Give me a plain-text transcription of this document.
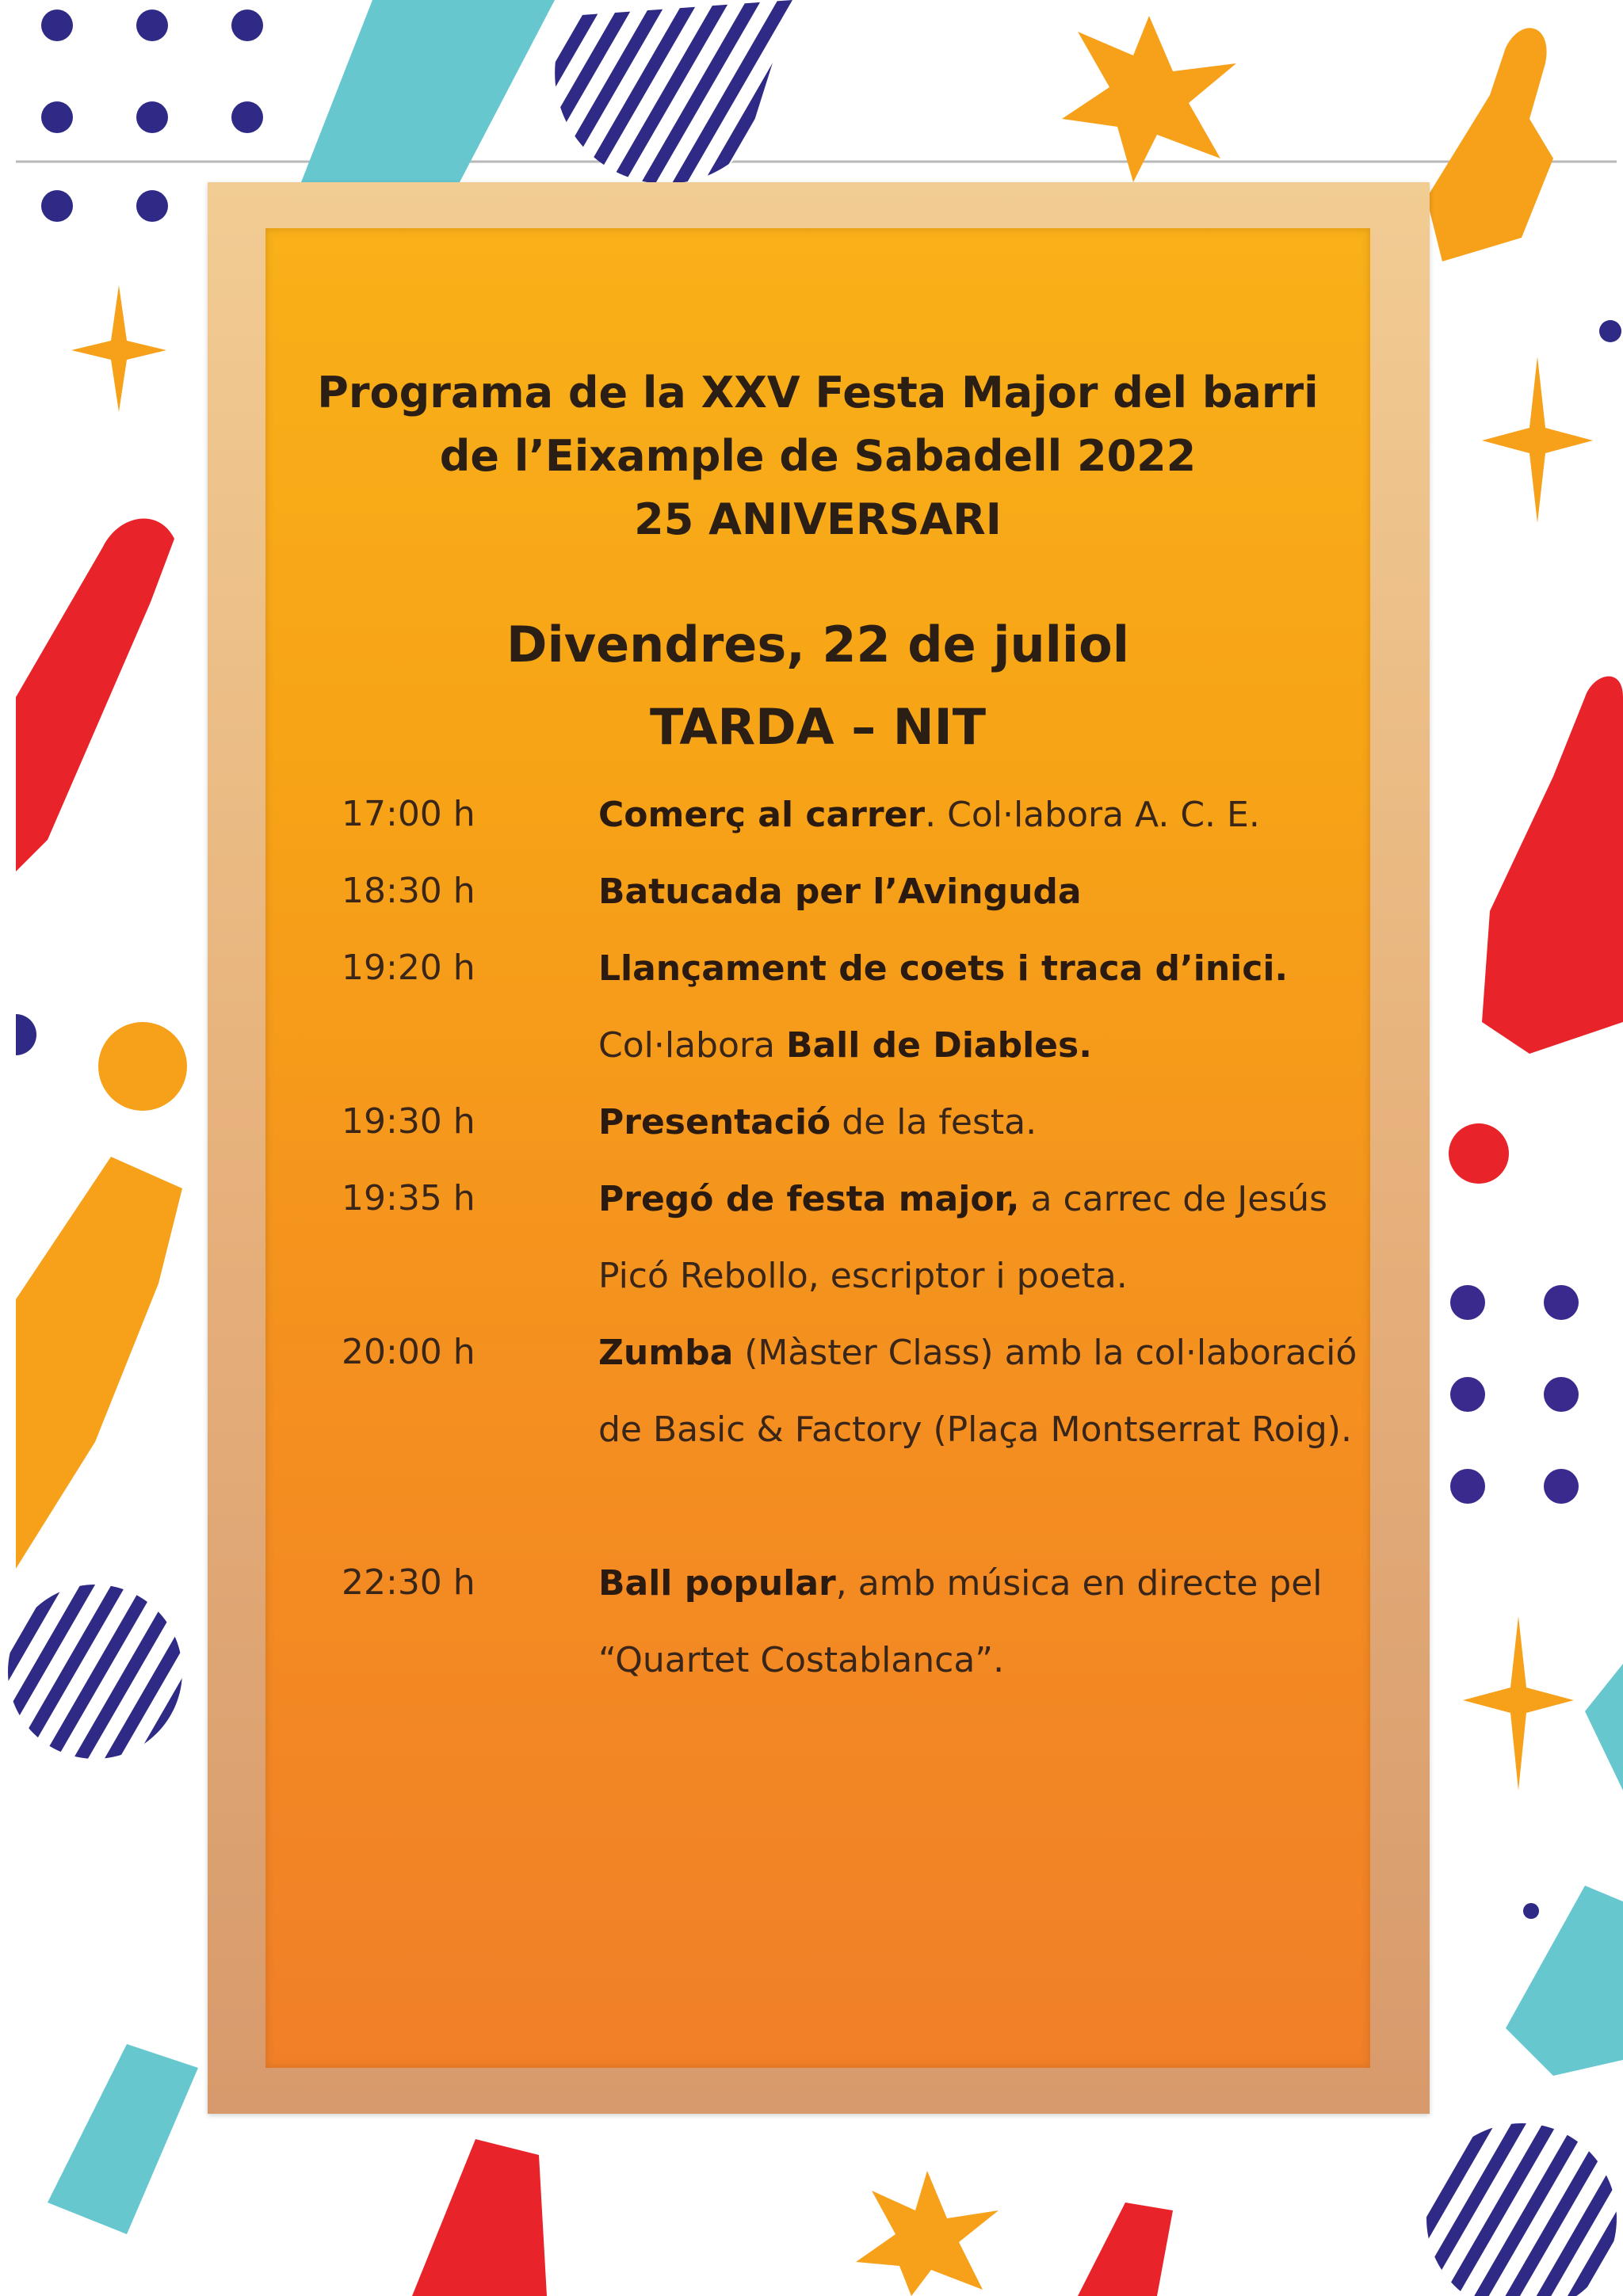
Programa de la XXV Festa Major del barri
de l’Eixample de Sabadell 2022
25 ANIVERSARI
Divendres, 22 de juliol
TARDA – NIT
17:00 h	Comerç al carrer. Col·labora A. C. E.
18:30 h	Batucada per l’Avinguda
19:20 h	Llançament de coets i traca d’inici.
Col·labora Ball de Diables.
19:30 h	Presentació de la festa.
19:35 h	Pregó de festa major, a carrec de Jesús Picó Rebollo, escriptor i poeta.
20:00 h	Zumba (Màster Class) amb la col·laboració de Basic & Factory (Plaça Montserrat Roig).
22:30 h	Ball popular, amb música en directe pel “Quartet Costablanca”.
